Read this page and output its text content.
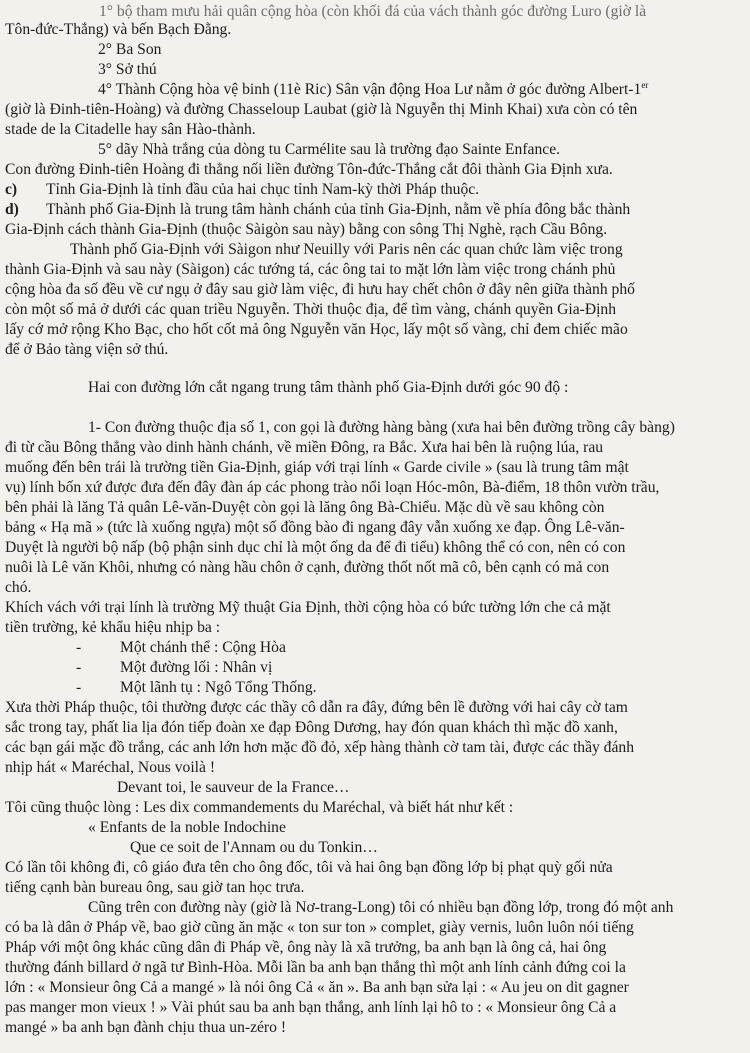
1° bộ tham mưu hải quân cộng hòa (còn khối đá của vách thành góc đường Luro (giờ là
Tôn-đức-Thắng) và bến Bạch Đằng.
2° Ba Son
3° Sở thú
4° Thành Cộng hòa vệ binh (11è Ric) Sân vận động Hoa Lư nằm ở góc đường Albert-1er
(giờ là Đinh-tiên-Hoàng) và đường Chasseloup Laubat (giờ là Nguyễn thị Minh Khai) xưa còn có tên
stade de la Citadelle hay sân Hào-thành.
5° dãy Nhà trắng của dòng tu Carmélite sau là trường đạo Sainte Enfance.
Con đường Đinh-tiên Hoàng đi thẳng nối liền đường Tôn-đức-Thắng cắt đôi thành Gia Định xưa.
c) Tỉnh Gia-Định là tỉnh đầu của hai chục tỉnh Nam-kỳ thời Pháp thuộc.
d) Thành phố Gia-Định là trung tâm hành chánh của tỉnh Gia-Định, nằm về phía đông bắc thành
Gia-Định cách thành Gia-Định (thuộc Sàigòn sau này) bằng con sông Thị Nghè, rạch Cầu Bông.
Thành phố Gia-Định với Sàigon như Neuilly với Paris nên các quan chức làm việc trong
thành Gia-Định và sau này (Sàigon) các tướng tá, các ông tai to mặt lớn làm việc trong chánh phủ
cộng hòa đa số đều về cư ngụ ở đây sau giờ làm việc, đi hưu hay chết chôn ở đây nên giữa thành phố
còn một số mả ở dưới các quan triều Nguyễn. Thời thuộc địa, để tìm vàng, chánh quyền Gia-Định
lấy cớ mở rộng Kho Bạc, cho hốt cốt mả ông Nguyễn văn Học, lấy một số vàng, chỉ đem chiếc mão
để ở Bảo tàng viện sở thú.
Hai con đường lớn cắt ngang trung tâm thành phố Gia-Định dưới góc 90 độ :
1- Con đường thuộc địa số 1, con gọi là đường hàng bàng (xưa hai bên đường trồng cây bàng)
đi từ cầu Bông thẳng vào dinh hành chánh, về miền Đông, ra Bắc. Xưa hai bên là ruộng lúa, rau
muống đến bên trái là trường tiền Gia-Định, giáp với trại lính « Garde civile » (sau là trung tâm mật
vụ) lính bốn xứ được đưa đến đây đàn áp các phong trào nổi loạn Hóc-môn, Bà-điểm, 18 thôn vườn trầu,
bên phải là lăng Tả quân Lê-văn-Duyệt còn gọi là lăng ông Bà-Chiểu. Mặc dù về sau không còn
bảng « Hạ mã » (tức là xuống ngựa) một số đồng bào đi ngang đây vẫn xuống xe đạp. Ông Lê-văn-
Duyệt là người bộ nấp (bộ phận sinh dục chỉ là một ống da để đi tiểu) không thể có con, nên có con
nuôi là Lê văn Khôi, nhưng có nàng hầu chôn ở cạnh, đường thốt nốt mã cô, bên cạnh có mả con
chó.
Khích vách với trại lính là trường Mỹ thuật Gia Định, thời cộng hòa có bức tường lớn che cả mặt
tiền trường, kẻ khẩu hiệu nhịp ba :
- Một chánh thể : Cộng Hòa
- Một đường lối : Nhân vị
- Một lãnh tụ : Ngô Tổng Thống.
Xưa thời Pháp thuộc, tôi thường được các thầy cô dẫn ra đây, đứng bên lề đường với hai cây cờ tam
sắc trong tay, phất lia lịa đón tiếp đoàn xe đạp Đông Dương, hay đón quan khách thì mặc đồ xanh,
các bạn gái mặc đồ trắng, các anh lớn hơn mặc đồ đỏ, xếp hàng thành cờ tam tài, được các thầy đánh
nhịp hát « Maréchal, Nous voilà !
Devant toi, le sauveur de la France…
Tôi cũng thuộc lòng : Les dix commandements du Maréchal, và biết hát như kết :
« Enfants de la noble Indochine
Que ce soit de l'Annam ou du Tonkin…
Có lần tôi không đi, cô giáo đưa tên cho ông đốc, tôi và hai ông bạn đồng lớp bị phạt quỳ gối nửa
tiếng cạnh bàn bureau ông, sau giờ tan học trưa.
Cũng trên con đường này (giờ là Nơ-trang-Long) tôi có nhiều bạn đồng lớp, trong đó một anh
có ba là dân ở Pháp về, bao giờ cũng ăn mặc « ton sur ton » complet, giày vernis, luôn luôn nói tiếng
Pháp với một ông khác cũng dân đi Pháp về, ông này là xã trưởng, ba anh bạn là ông cả, hai ông
thường đánh billard ở ngã tư Bình-Hòa. Mỗi lần ba anh bạn thắng thì một anh lính cảnh đứng coi la
lớn : « Monsieur ông Cả a mangé » là nói ông Cả « ăn ». Ba anh bạn sửa lại : « Au jeu on dit gagner
pas manger mon vieux ! » Vài phút sau ba anh bạn thắng, anh lính lại hô to : « Monsieur ông Cả a
mangé » ba anh bạn đành chịu thua un-zéro !
